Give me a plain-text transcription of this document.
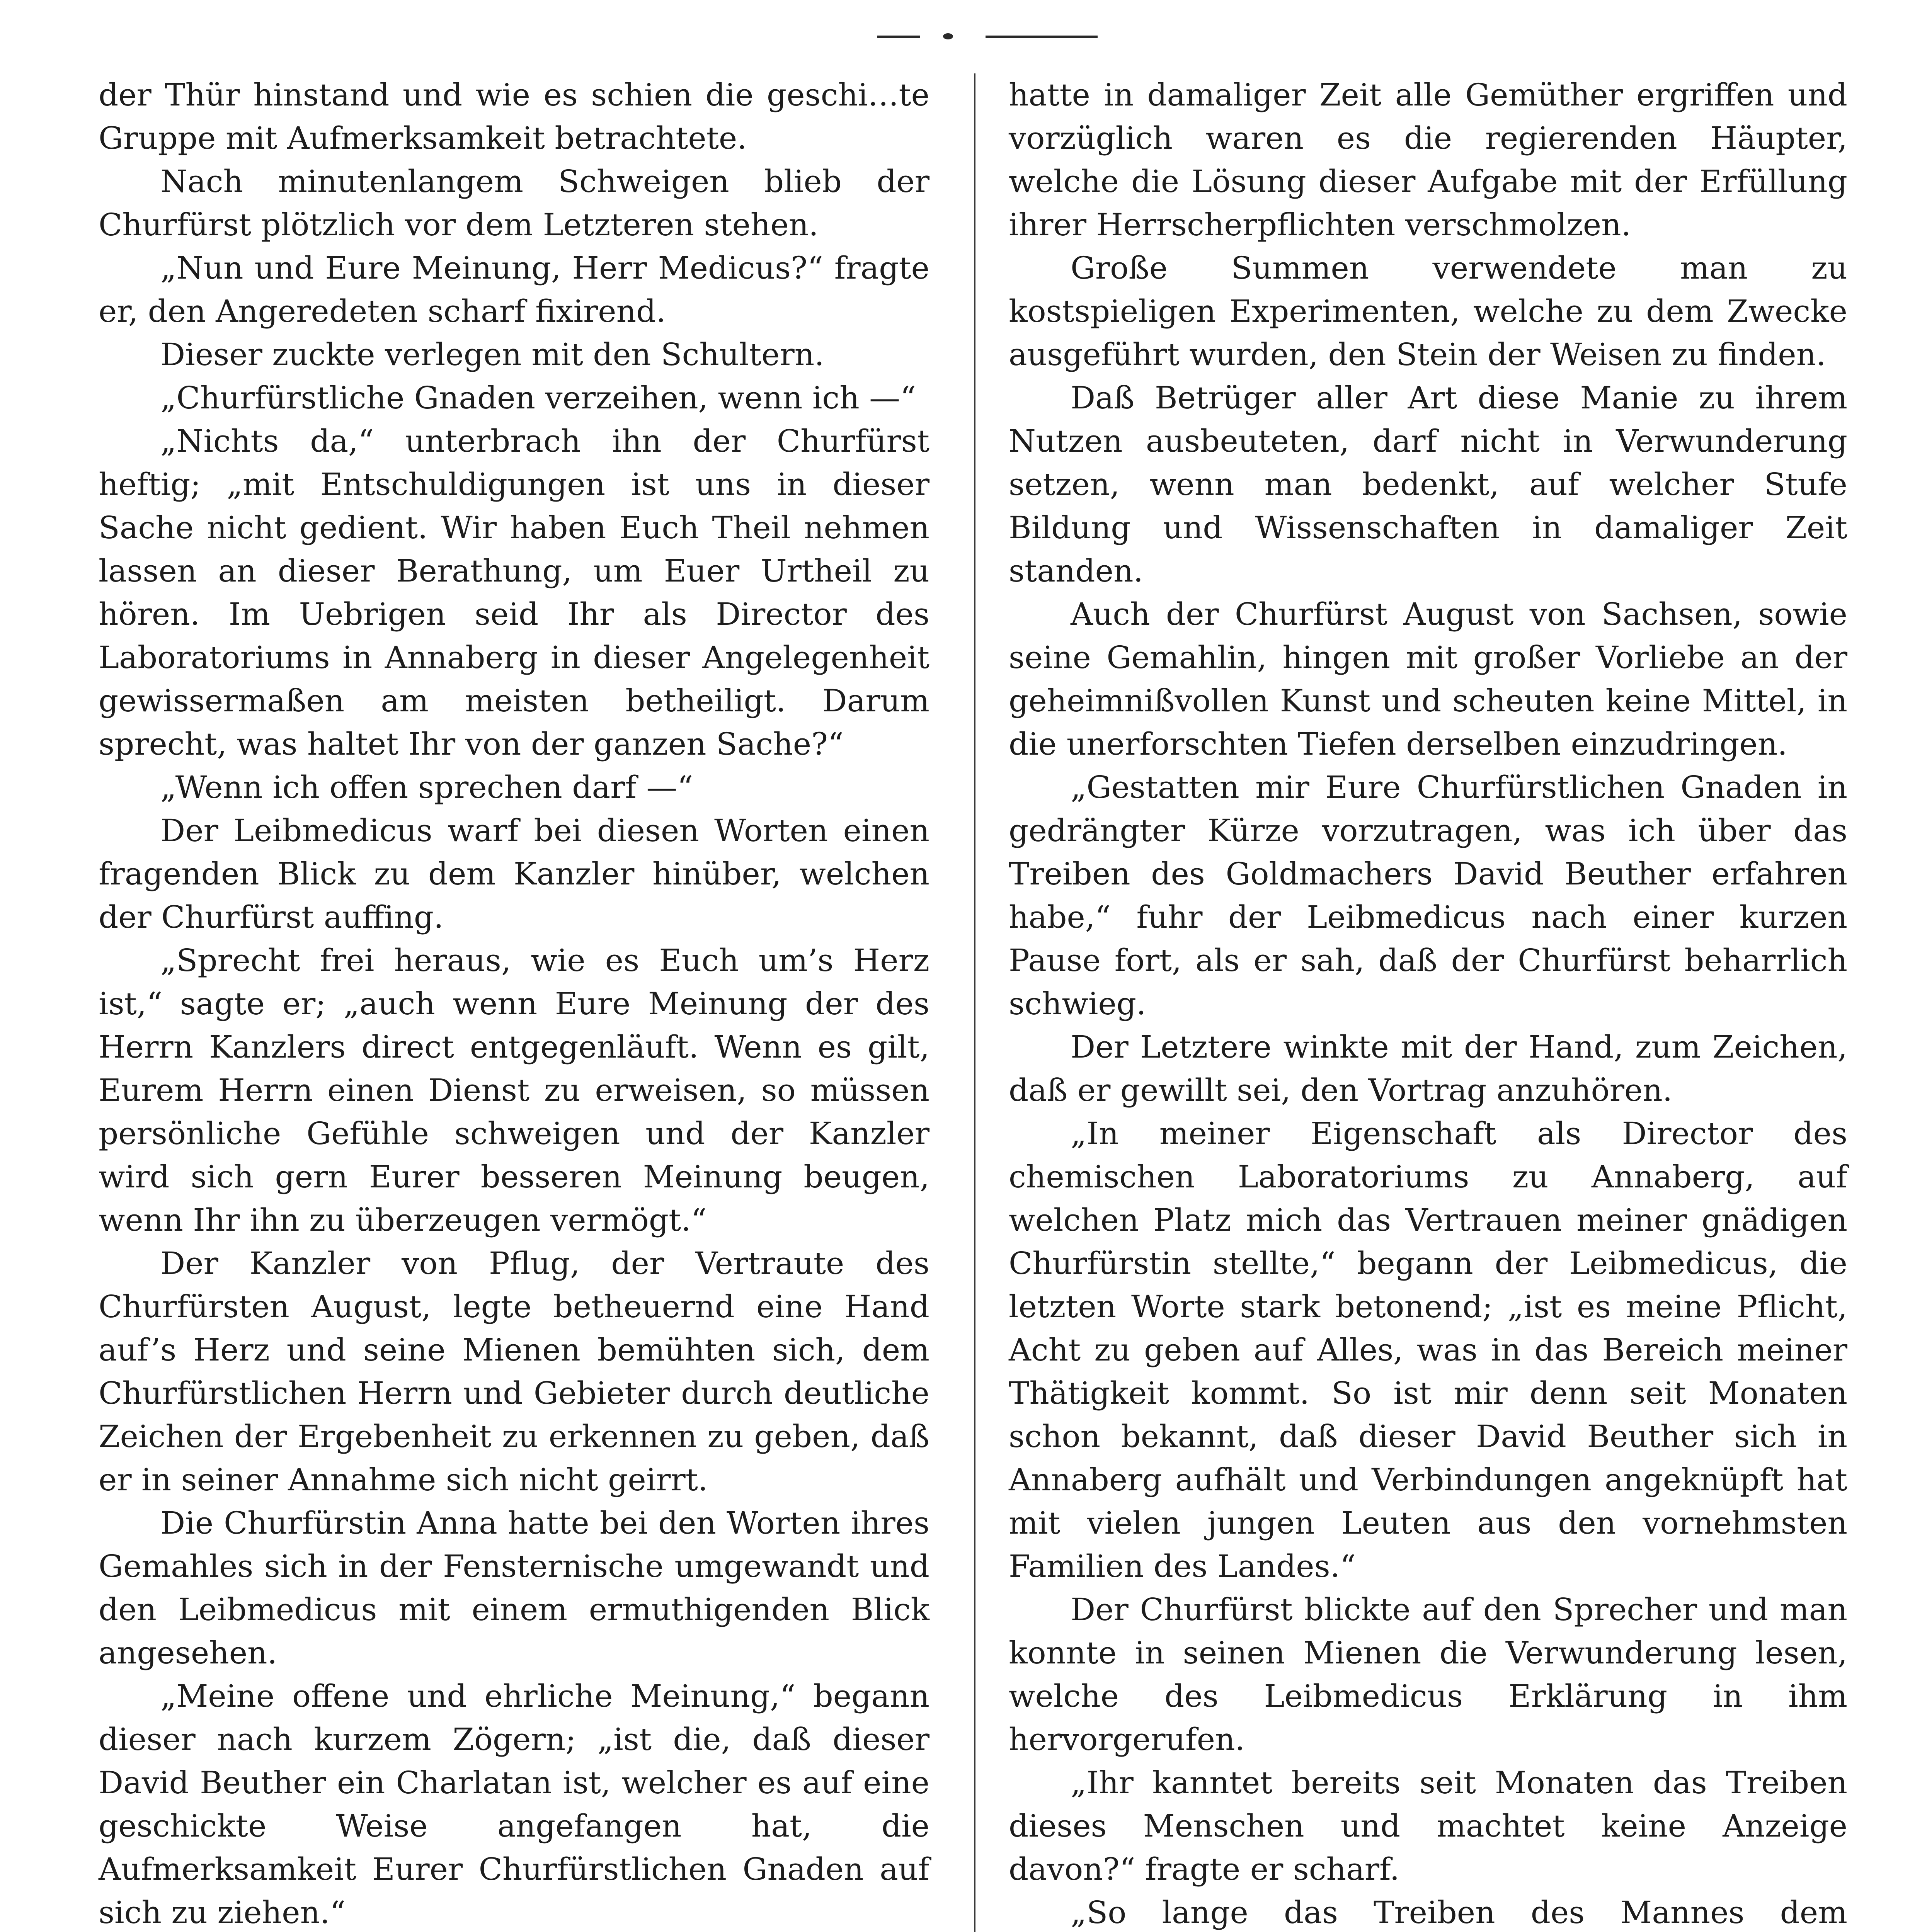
der Thür hinstand und wie es schien die geschi…te Gruppe mit Aufmerksamkeit betrachtete.

Nach minutenlangem Schweigen blieb der Churfürst plötzlich vor dem Letzteren stehen.

„Nun und Eure Meinung, Herr Medicus?“ fragte er, den Angeredeten scharf fixirend.

Dieser zuckte verlegen mit den Schultern.

„Churfürstliche Gnaden verzeihen, wenn ich —“

„Nichts da,“ unterbrach ihn der Churfürst heftig; „mit Entschuldigungen ist uns in dieser Sache nicht gedient. Wir haben Euch Theil nehmen lassen an dieser Berathung, um Euer Urtheil zu hören. Im Uebrigen seid Ihr als Director des Laboratoriums in Annaberg in dieser Angelegenheit gewissermaßen am meisten betheiligt. Darum sprecht, was haltet Ihr von der ganzen Sache?“

„Wenn ich offen sprechen darf —“

Der Leibmedicus warf bei diesen Worten einen fragenden Blick zu dem Kanzler hinüber, welchen der Churfürst auffing.

„Sprecht frei heraus, wie es Euch um’s Herz ist,“ sagte er; „auch wenn Eure Meinung der des Herrn Kanzlers direct entgegenläuft. Wenn es gilt, Eurem Herrn einen Dienst zu erweisen, so müssen persönliche Gefühle schweigen und der Kanzler wird sich gern Eurer besseren Meinung beugen, wenn Ihr ihn zu überzeugen vermögt.“

Der Kanzler von Pflug, der Vertraute des Churfürsten August, legte betheuernd eine Hand auf’s Herz und seine Mienen bemühten sich, dem Churfürstlichen Herrn und Gebieter durch deutliche Zeichen der Ergebenheit zu erkennen zu geben, daß er in seiner Annahme sich nicht geirrt.

Die Churfürstin Anna hatte bei den Worten ihres Gemahles sich in der Fensternische umgewandt und den Leibmedicus mit einem ermuthigenden Blick angesehen.

„Meine offene und ehrliche Meinung,“ begann dieser nach kurzem Zögern; „ist die, daß dieser David Beuther ein Charlatan ist, welcher es auf eine geschickte Weise angefangen hat, die Aufmerksamkeit Eurer Churfürstlichen Gnaden auf sich zu ziehen.“

hatte in damaliger Zeit alle Gemüther ergriffen und vorzüglich waren es die regierenden Häupter, welche die Lösung dieser Aufgabe mit der Erfüllung ihrer Herrscherpflichten verschmolzen.

Große Summen verwendete man zu kostspieligen Experimenten, welche zu dem Zwecke ausgeführt wurden, den Stein der Weisen zu finden.

Daß Betrüger aller Art diese Manie zu ihrem Nutzen ausbeuteten, darf nicht in Verwunderung setzen, wenn man bedenkt, auf welcher Stufe Bildung und Wissenschaften in damaliger Zeit standen.

Auch der Churfürst August von Sachsen, sowie seine Gemahlin, hingen mit großer Vorliebe an der geheimnißvollen Kunst und scheuten keine Mittel, in die unerforschten Tiefen derselben einzudringen.

„Gestatten mir Eure Churfürstlichen Gnaden in gedrängter Kürze vorzutragen, was ich über das Treiben des Goldmachers David Beuther erfahren habe,“ fuhr der Leibmedicus nach einer kurzen Pause fort, als er sah, daß der Churfürst beharrlich schwieg.

Der Letztere winkte mit der Hand, zum Zeichen, daß er gewillt sei, den Vortrag anzuhören.

„In meiner Eigenschaft als Director des chemischen Laboratoriums zu Annaberg, auf welchen Platz mich das Vertrauen meiner gnädigen Churfürstin stellte,“ begann der Leibmedicus, die letzten Worte stark betonend; „ist es meine Pflicht, Acht zu geben auf Alles, was in das Bereich meiner Thätigkeit kommt. So ist mir denn seit Monaten schon bekannt, daß dieser David Beuther sich in Annaberg aufhält und Verbindungen angeknüpft hat mit vielen jungen Leuten aus den vornehmsten Familien des Landes.“

Der Churfürst blickte auf den Sprecher und man konnte in seinen Mienen die Verwunderung lesen, welche des Leibmedicus Erklärung in ihm hervorgerufen.

„Ihr kanntet bereits seit Monaten das Treiben dieses Menschen und machtet keine Anzeige davon?“ fragte er scharf.

„So lange das Treiben des Mannes dem
